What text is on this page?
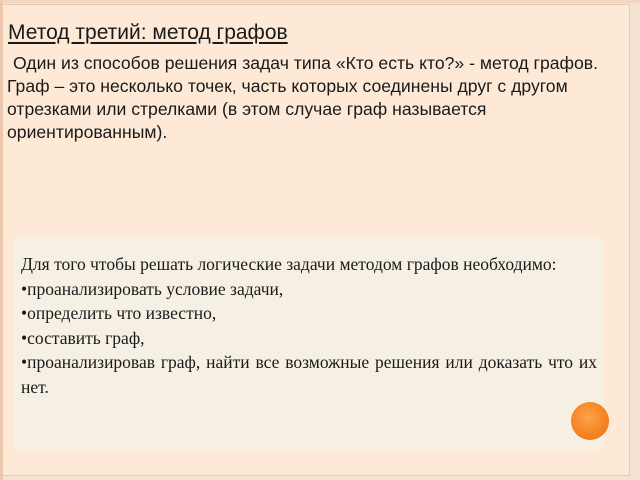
Метод третий: метод графов
Один из способов решения задач типа «Кто есть кто?» - метод графов.
Граф – это несколько точек, часть которых соединены друг с другом отрезками или стрелками (в этом случае граф называется ориентированным).

Для того чтобы решать логические задачи методом графов необходимо:

• проанализировать условие задачи,
• определить что известно,
• составить граф,
• проанализировав граф, найти все возможные решения или доказать что их нет.
